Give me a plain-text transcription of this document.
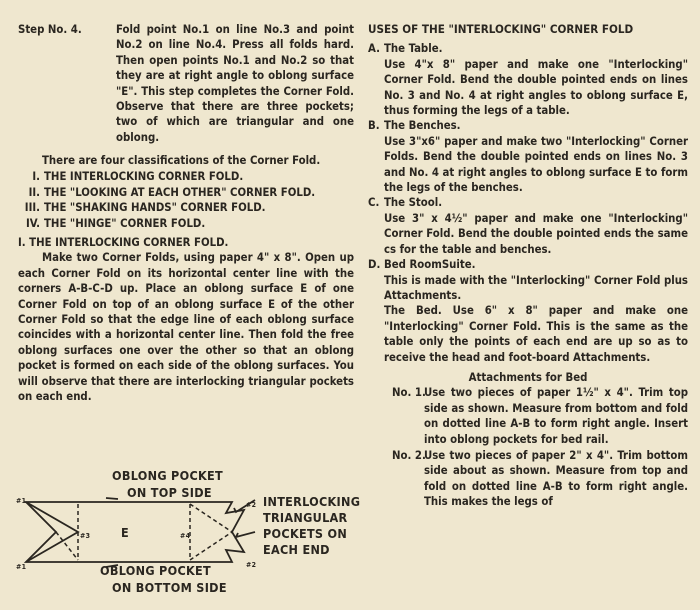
Step No. 4.	Fold point No.1 on line No.3 and point No.2 on line No.4. Press all folds hard. Then open points No.1 and No.2 so that they are at right angle to oblong surface "E". This step completes the Corner Fold. Observe that there are three pockets; two of which are triangular and one oblong.

There are four classifications of the Corner Fold.

I. THE INTERLOCKING CORNER FOLD.
II. THE "LOOKING AT EACH OTHER" CORNER FOLD.
III. THE "SHAKING HANDS" CORNER FOLD.
IV. THE "HINGE" CORNER FOLD.

I. THE INTERLOCKING CORNER FOLD.

Make two Corner Folds, using paper 4" x 8". Open up each Corner Fold on its horizontal center line with the corners A-B-C-D up. Place an oblong surface E of one Corner Fold on top of an oblong surface E of the other Corner Fold so that the edge line of each oblong surface coincides with a horizontal center line. Then fold the free oblong surfaces one over the other so that an oblong pocket is formed on each side of the oblong surfaces. You will observe that there are interlocking triangular pockets on each end.

OBLONG POCKET
ON TOP SIDE
INTERLOCKING
TRIANGULAR
POCKETS ON
EACH END
OBLONG POCKET
ON BOTTOM SIDE
E
#1	#2
#1	#2
#3	#4

USES OF THE "INTERLOCKING" CORNER FOLD

A. The Table.

Use 4"x 8" paper and make one "Interlocking" Corner Fold. Bend the double pointed ends on lines No. 3 and No. 4 at right angles to oblong surface E, thus forming the legs of a table.

B. The Benches.

Use 3"x6" paper and make two "Interlocking" Corner Folds. Bend the double pointed ends on lines No. 3 and No. 4 at right angles to oblong surface E to form the legs of the benches.

C. The Stool.

Use 3" x 4½" paper and make one "Interlocking" Corner Fold. Bend the double pointed ends the same cs for the table and benches.

D. Bed RoomSuite.

This is made with the "Interlocking" Corner Fold plus Attachments.

The Bed. Use 6" x 8" paper and make one "Interlocking" Corner Fold. This is the same as the table only the points of each end are up so as to receive the head and foot-board Attachments.

Attachments for Bed

No. 1.

Use two pieces of paper 1½" x 4". Trim top side as shown. Measure from bottom and fold on dotted line A-B to form right angle. Insert into oblong pockets for bed rail.

No. 2.

Use two pieces of paper 2" x 4". Trim bottom side about as shown. Measure from top and fold on dotted line A-B to form right angle. This makes the legs of
